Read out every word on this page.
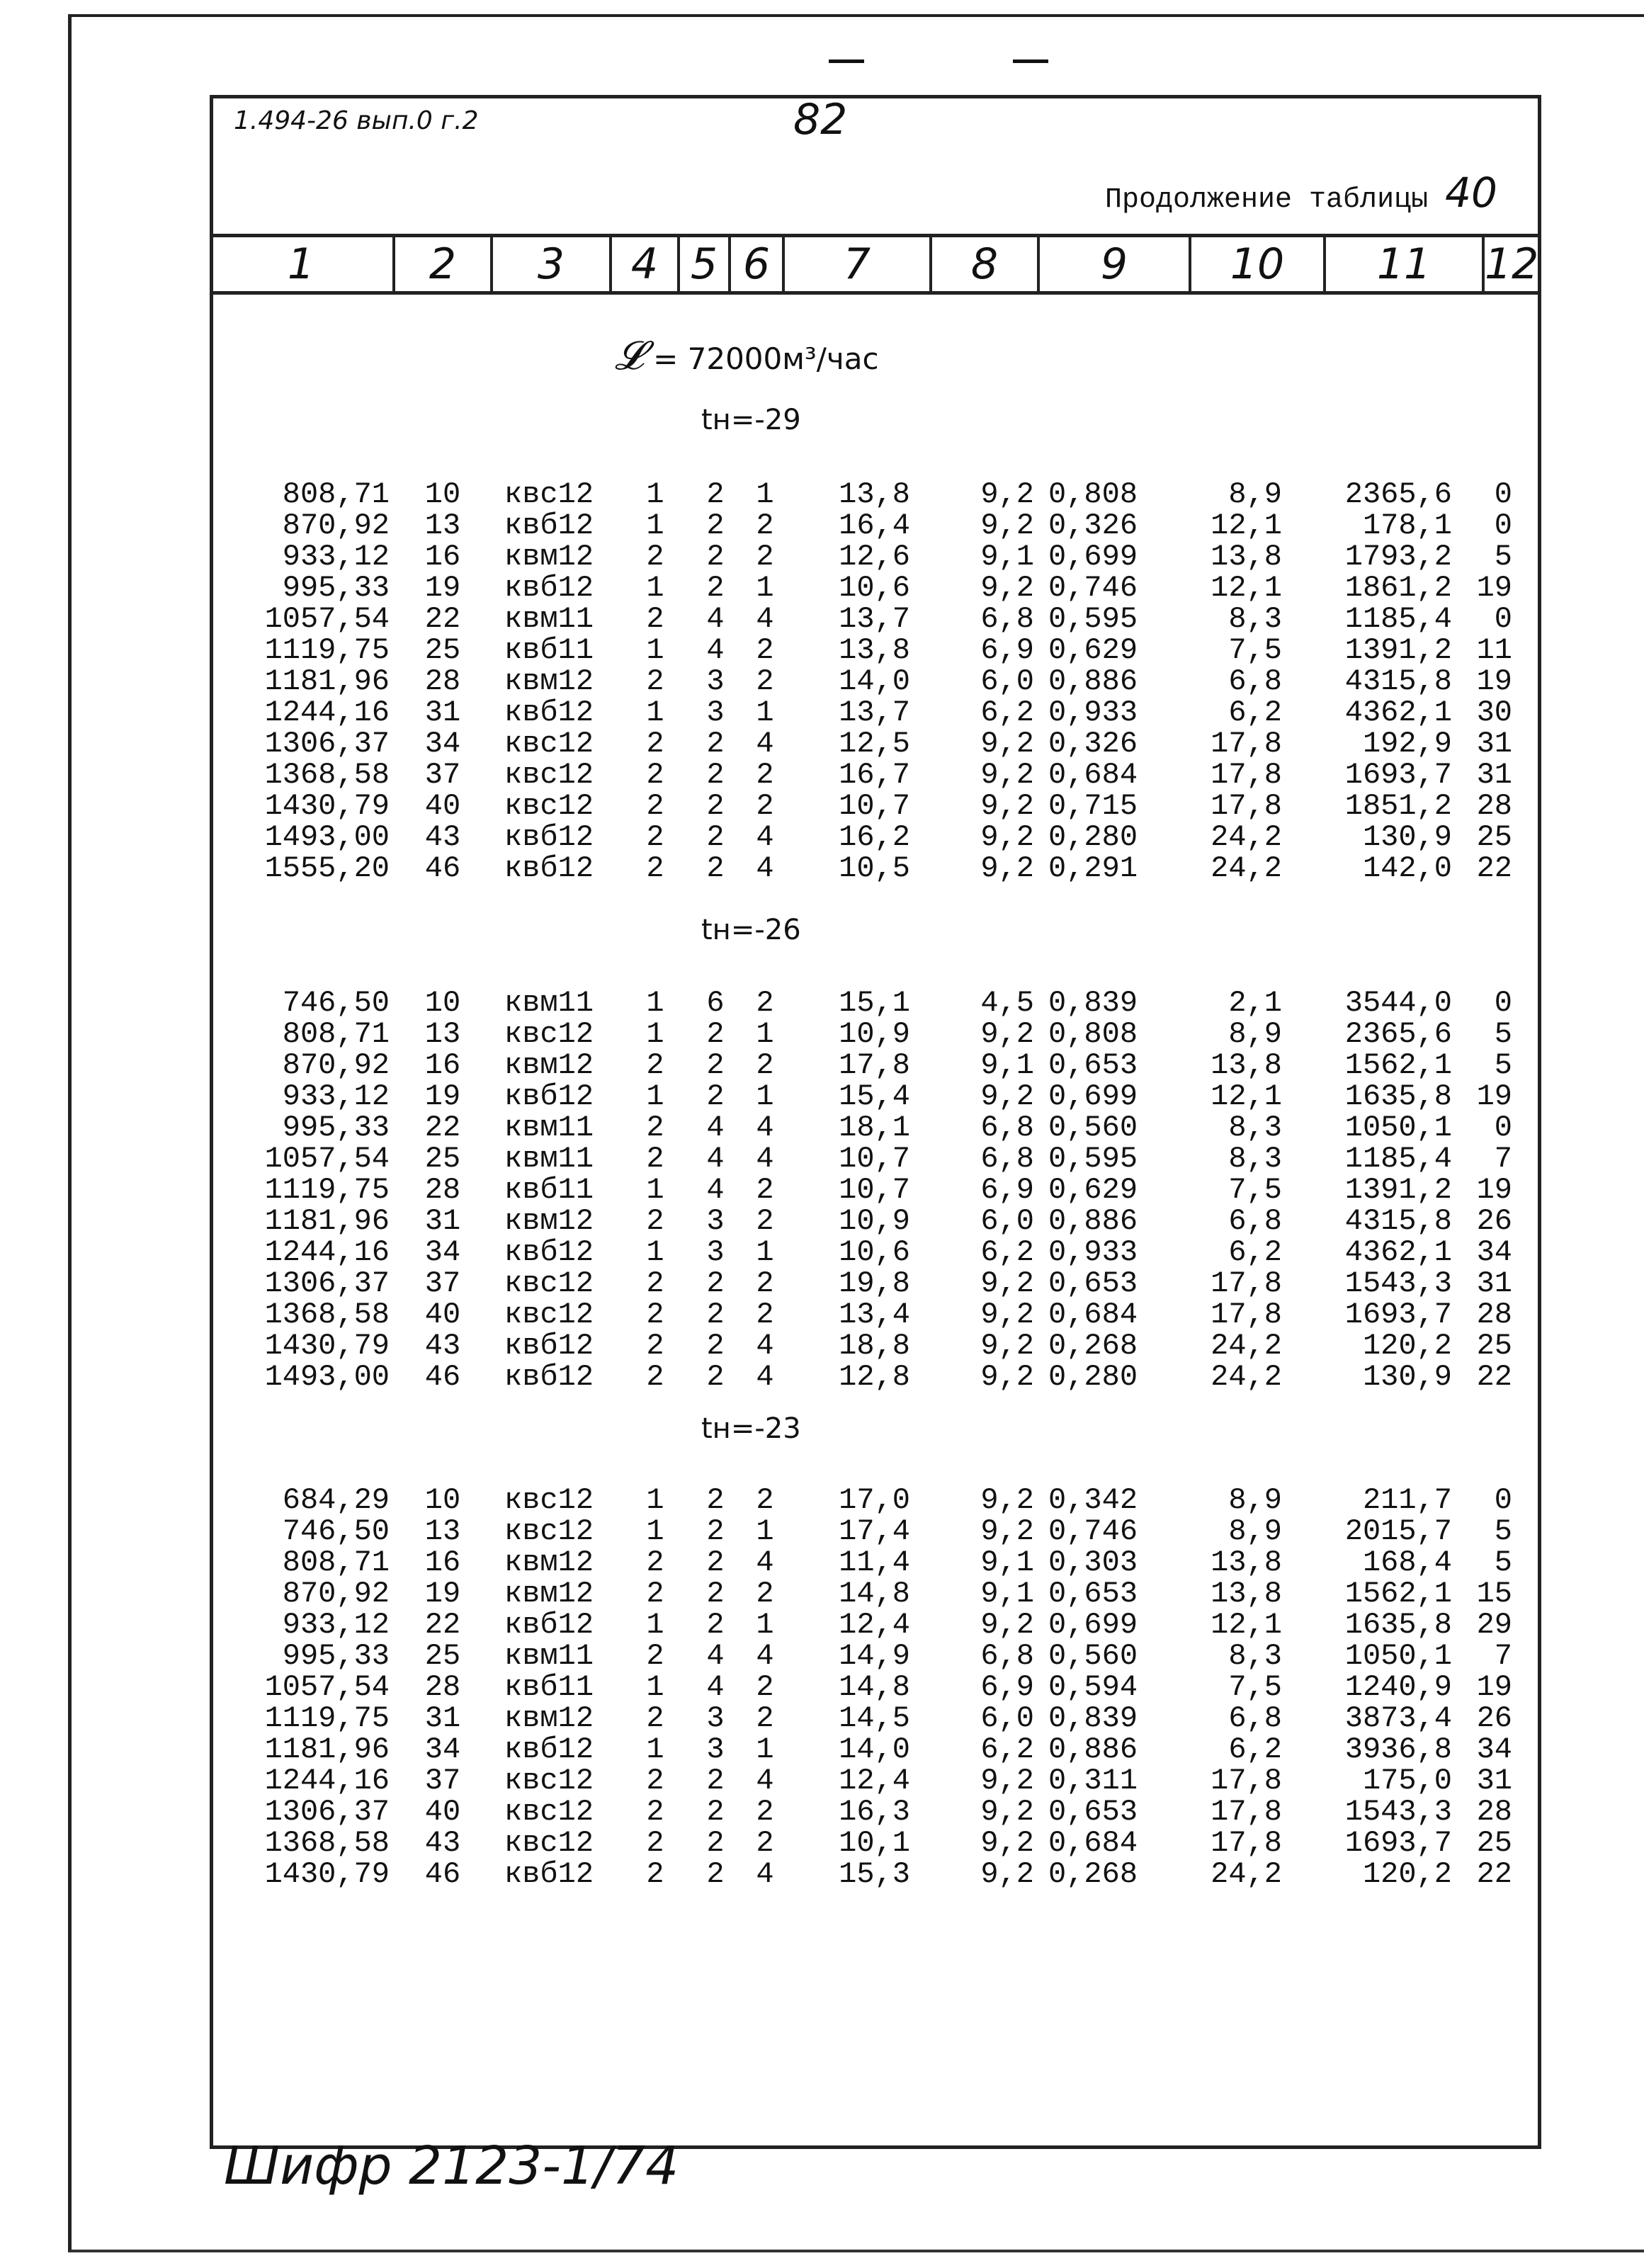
1.494-26 вып.0 г.2	82
Продолжение таблицы 40
1	2	3	4 5 6	7	8	9	10	11	12
𝓛 = 72000м³/час
tн=-29
808,71 10 квс12	1 2 1	13,8	9,2 0,808	8,9	2365,6	0
870,92 13 квб12	1 2 2	16,4	9,2 0,326	12,1	178,1	0
933,12 16 квм12	2 2 2	12,6	9,1 0,699	13,8	1793,2	5
995,33 19 квб12	1 2 1	10,6	9,2 0,746	12,1	1861,2 19
1057,54 22 квм11	2 4 4	13,7	6,8 0,595	8,3	1185,4	0
1119,75 25 квб11	1 4 2	13,8	6,9 0,629	7,5	1391,2 11
1181,96 28 квм12	2 3 2	14,0	6,0 0,886	6,8	4315,8 19
1244,16 31 квб12	1 3 1	13,7	6,2 0,933	6,2	4362,1 30
1306,37 34 квс12	2 2 4	12,5	9,2 0,326	17,8	192,9 31
1368,58 37 квс12	2 2 2	16,7	9,2 0,684	17,8	1693,7 31
1430,79 40 квс12	2 2 2	10,7	9,2 0,715	17,8	1851,2 28
1493,00 43 квб12	2 2 4	16,2	9,2 0,280	24,2	130,9 25
1555,20 46 квб12	2 2 4	10,5	9,2 0,291	24,2	142,0 22
tн=-26
746,50 10 квм11	1 6 2	15,1	4,5 0,839	2,1	3544,0	0
808,71 13 квс12	1 2 1	10,9	9,2 0,808	8,9	2365,6	5
870,92 16 квм12	2 2 2	17,8	9,1 0,653	13,8	1562,1	5
933,12 19 квб12	1 2 1	15,4	9,2 0,699	12,1	1635,8 19
995,33 22 квм11	2 4 4	18,1	6,8 0,560	8,3	1050,1	0
1057,54 25 квм11	2 4 4	10,7	6,8 0,595	8,3	1185,4	7
1119,75 28 квб11	1 4 2	10,7	6,9 0,629	7,5	1391,2 19
1181,96 31 квм12	2 3 2	10,9	6,0 0,886	6,8	4315,8 26
1244,16 34 квб12	1 3 1	10,6	6,2 0,933	6,2	4362,1 34
1306,37 37 квс12	2 2 2	19,8	9,2 0,653	17,8	1543,3 31
1368,58 40 квс12	2 2 2	13,4	9,2 0,684	17,8	1693,7 28
1430,79 43 квб12	2 2 4	18,8	9,2 0,268	24,2	120,2 25
1493,00 46 квб12	2 2 4	12,8	9,2 0,280	24,2	130,9 22
tн=-23
684,29 10 квс12	1 2 2	17,0	9,2 0,342	8,9	211,7	0
746,50 13 квс12	1 2 1	17,4	9,2 0,746	8,9	2015,7	5
808,71 16 квм12	2 2 4	11,4	9,1 0,303	13,8	168,4	5
870,92 19 квм12	2 2 2	14,8	9,1 0,653	13,8	1562,1 15
933,12 22 квб12	1 2 1	12,4	9,2 0,699	12,1	1635,8 29
995,33 25 квм11	2 4 4	14,9	6,8 0,560	8,3	1050,1	7
1057,54 28 квб11	1 4 2	14,8	6,9 0,594	7,5	1240,9 19
1119,75 31 квм12	2 3 2	14,5	6,0 0,839	6,8	3873,4 26
1181,96 34 квб12	1 3 1	14,0	6,2 0,886	6,2	3936,8 34
1244,16 37 квс12	2 2 4	12,4	9,2 0,311	17,8	175,0 31
1306,37 40 квс12	2 2 2	16,3	9,2 0,653	17,8	1543,3 28
1368,58 43 квс12	2 2 2	10,1	9,2 0,684	17,8	1693,7 25
1430,79 46 квб12	2 2 4	15,3	9,2 0,268	24,2	120,2 22
Шифр 2123-1/74
